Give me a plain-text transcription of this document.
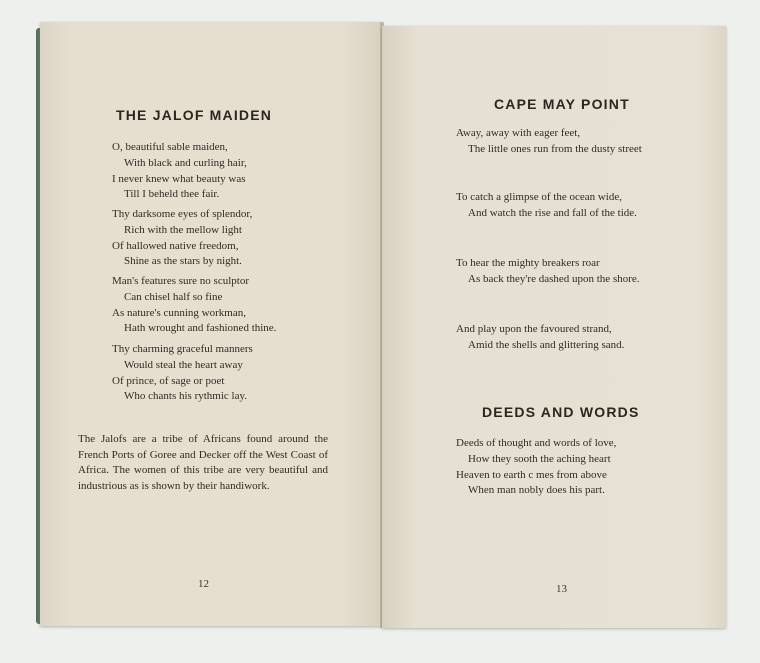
THE JALOF MAIDEN
O, beautiful sable maiden,
With black and curling hair,
I never knew what beauty was
Till I beheld thee fair.
Thy darksome eyes of splendor,
Rich with the mellow light
Of hallowed native freedom,
Shine as the stars by night.
Man's features sure no sculptor
Can chisel half so fine
As nature's cunning workman,
Hath wrought and fashioned thine.
Thy charming graceful manners
Would steal the heart away
Of prince, of sage or poet
Who chants his rythmic lay.

The Jalofs are a tribe of Africans found around the French Ports of Goree and Decker off the West Coast of Africa. The women of this tribe are very beautiful and industrious as is shown by their handiwork.

12
CAPE MAY POINT
Away, away with eager feet,
The little ones run from the dusty street
To catch a glimpse of the ocean wide,
And watch the rise and fall of the tide.
To hear the mighty breakers roar
As back they're dashed upon the shore.
And play upon the favoured strand,
Amid the shells and glittering sand.
DEEDS AND WORDS
Deeds of thought and words of love,
How they sooth the aching heart
Heaven to earth c mes from above
When man nobly does his part.
13
